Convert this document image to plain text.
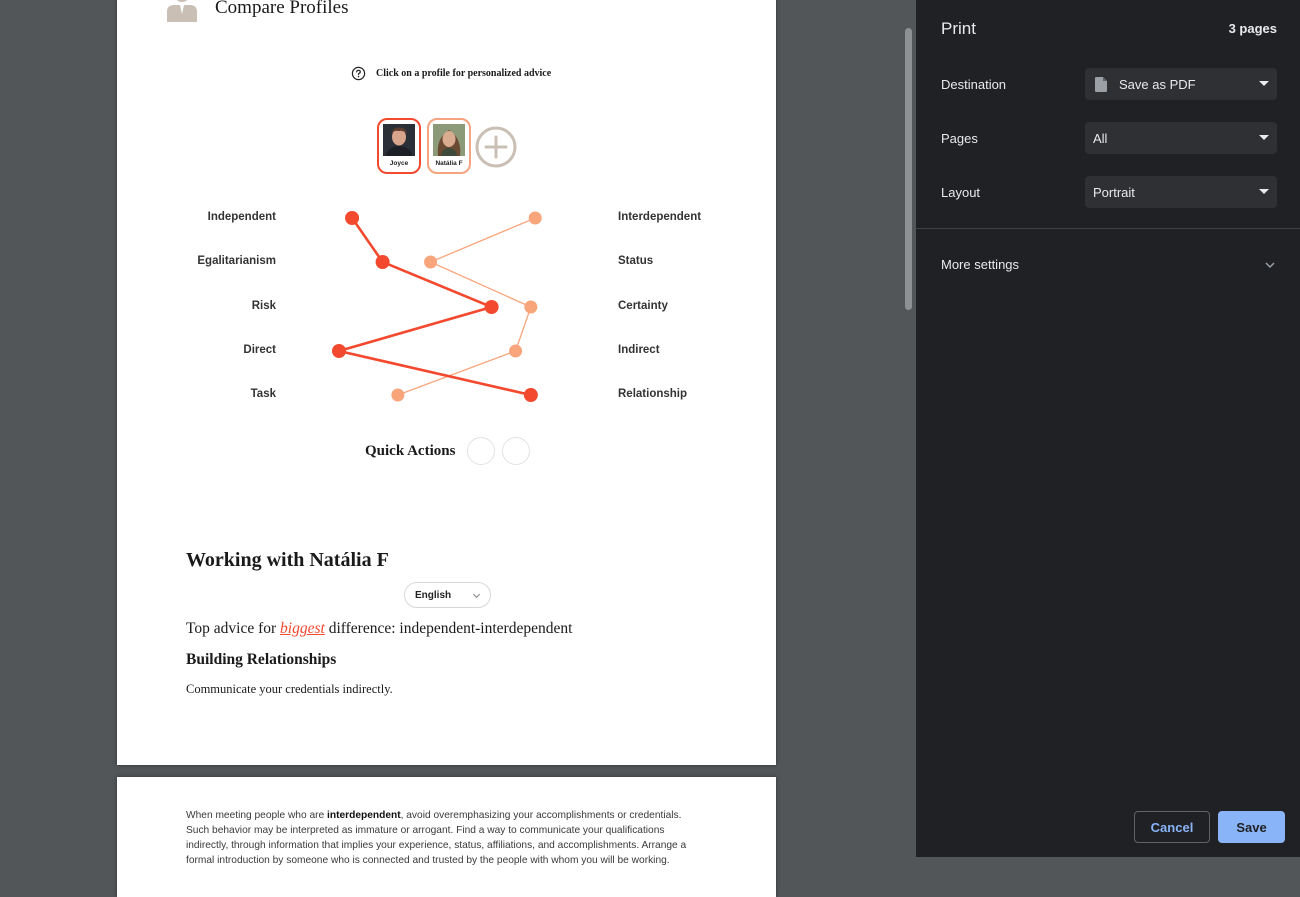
Compare Profiles
Click on a profile for personalized advice
Joyce	Natália F
Independent	Interdependent
Egalitarianism	Status
Risk	Certainty
Direct	Indirect
Task	Relationship
Quick Actions
Working with Natália F
English
Top advice for biggest difference: independent-interdependent
Building Relationships
Communicate your credentials indirectly.
When meeting people who are interdependent, avoid overemphasizing your accomplishments or credentials. Such behavior may be interpreted as immature or arrogant. Find a way to communicate your qualifications indirectly, through information that implies your experience, status, affiliations, and accomplishments. Arrange a formal introduction by someone who is connected and trusted by the people with whom you will be working.
Print	3 pages
Destination	Save as PDF
Pages	All
Layout	Portrait
More settings
Cancel	Save
